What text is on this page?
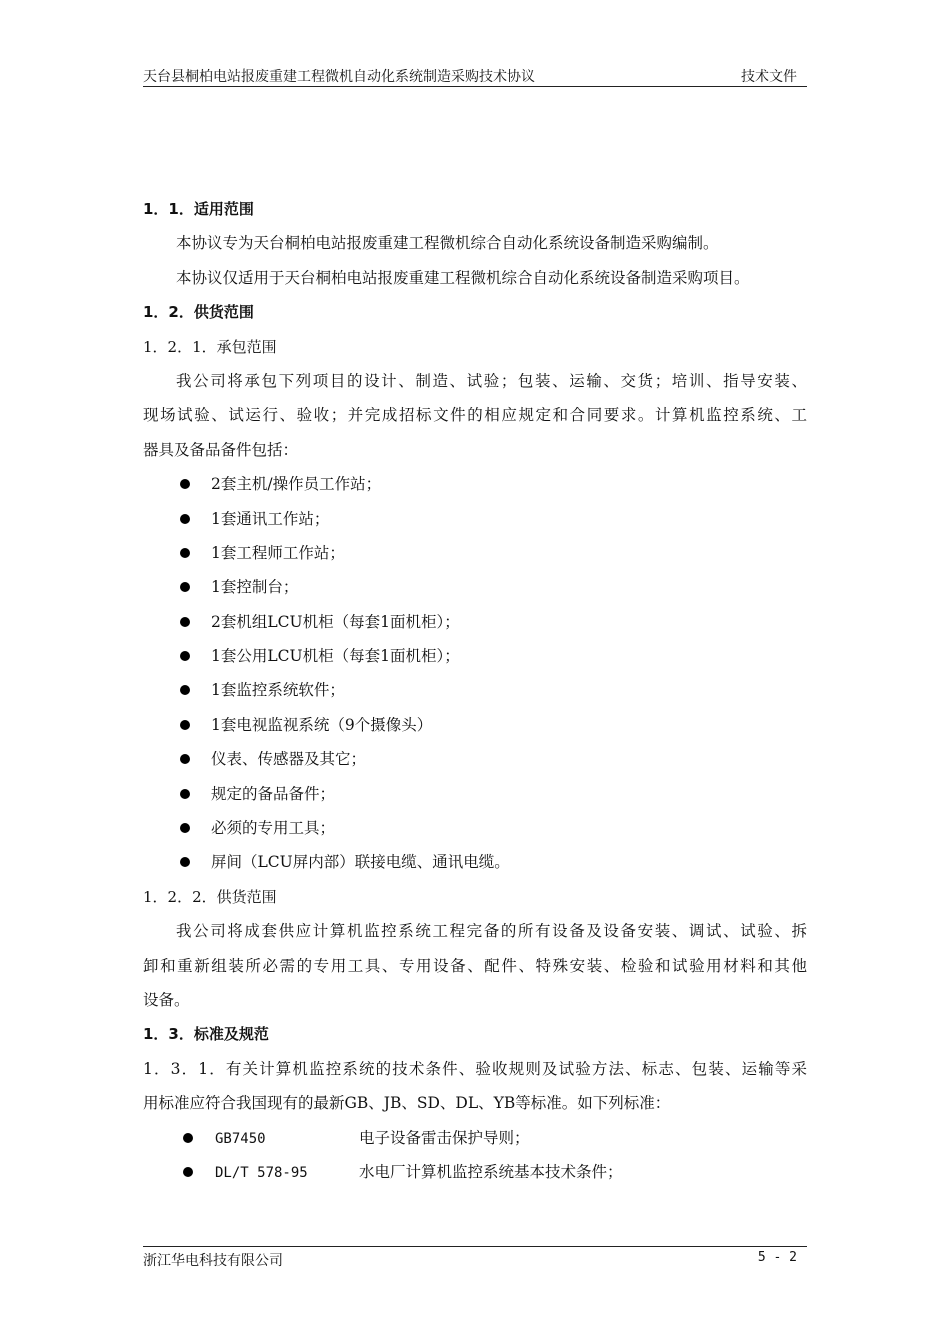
天台县桐柏电站报废重建工程微机自动化系统制造采购技术协议	技术文件
1．1．适用范围
本协议专为天台桐柏电站报废重建工程微机综合自动化系统设备制造采购编制。
本协议仅适用于天台桐柏电站报废重建工程微机综合自动化系统设备制造采购项目。
1．2．供货范围
1．2．1．承包范围
我公司将承包下列项目的设计、制造、试验；包装、运输、交货；培训、指导安装、
现场试验、试运行、验收；并完成招标文件的相应规定和合同要求。计算机监控系统、工
器具及备品备件包括：
2套主机/操作员工作站；
1套通讯工作站；
1套工程师工作站；
1套控制台；
2套机组LCU机柜（每套1面机柜）；
1套公用LCU机柜（每套1面机柜）；
1套监控系统软件；
1套电视监视系统（9个摄像头）
仪表、传感器及其它；
规定的备品备件；
必须的专用工具；
屏间（LCU屏内部）联接电缆、通讯电缆。
1．2．2．供货范围
我公司将成套供应计算机监控系统工程完备的所有设备及设备安装、调试、试验、拆
卸和重新组装所必需的专用工具、专用设备、配件、特殊安装、检验和试验用材料和其他
设备。
1．3．标准及规范
1．3．1．有关计算机监控系统的技术条件、验收规则及试验方法、标志、包装、运输等采
用标准应符合我国现有的最新GB、JB、SD、DL、YB等标准。如下列标准：
GB7450	电子设备雷击保护导则；
DL/T 578-95	水电厂计算机监控系统基本技术条件；
浙江华电科技有限公司	5 - 2
